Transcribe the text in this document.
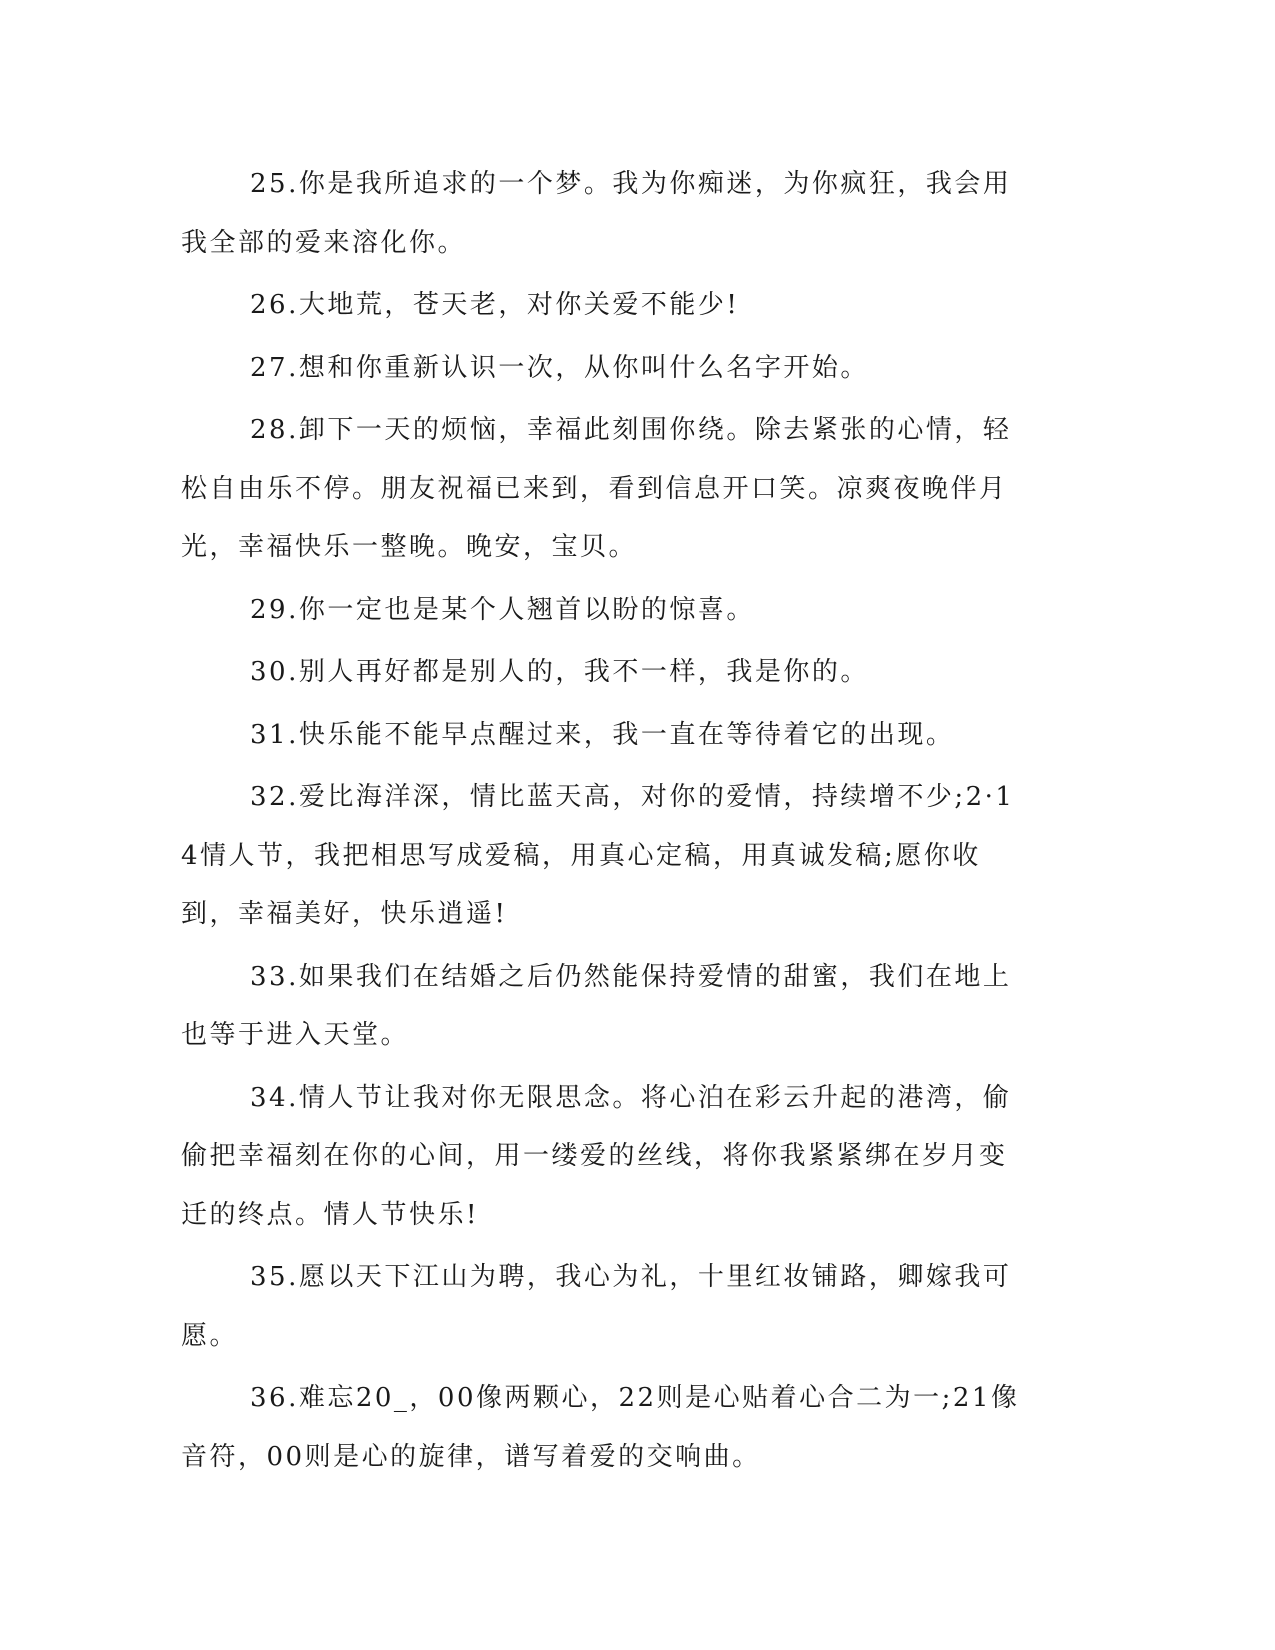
25.你是我所追求的一个梦。我为你痴迷，为你疯狂，我会用我全部的爱来溶化你。

26.大地荒，苍天老，对你关爱不能少!

27.想和你重新认识一次，从你叫什么名字开始。

28.卸下一天的烦恼，幸福此刻围你绕。除去紧张的心情，轻松自由乐不停。朋友祝福已来到，看到信息开口笑。凉爽夜晚伴月光，幸福快乐一整晚。晚安，宝贝。

29.你一定也是某个人翘首以盼的惊喜。

30.别人再好都是别人的，我不一样，我是你的。

31.快乐能不能早点醒过来，我一直在等待着它的出现。

32.爱比海洋深，情比蓝天高，对你的爱情，持续增不少;2·14情人节，我把相思写成爱稿，用真心定稿，用真诚发稿;愿你收到，幸福美好，快乐逍遥!

33.如果我们在结婚之后仍然能保持爱情的甜蜜，我们在地上也等于进入天堂。

34.情人节让我对你无限思念。将心泊在彩云升起的港湾，偷偷把幸福刻在你的心间，用一缕爱的丝线，将你我紧紧绑在岁月变迁的终点。情人节快乐!

35.愿以天下江山为聘，我心为礼，十里红妆铺路，卿嫁我可愿。

36.难忘20_，00像两颗心，22则是心贴着心合二为一;21像音符，00则是心的旋律，谱写着爱的交响曲。
